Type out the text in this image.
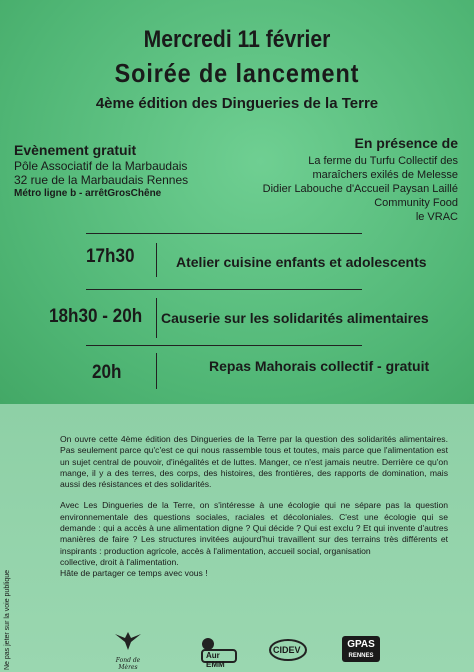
Mercredi 11 février
Soirée de lancement
4ème édition des Dingueries de la Terre
Evènement gratuit
Pôle Associatif de la Marbaudais
32 rue de la Marbaudais Rennes
Métro ligne b - arrêtGrosChêne
En présence de
La ferme du Turfu Collectif des
maraîchers exilés de Melesse
Didier Labouche d'Accueil Paysan Laillé
Community Food
le VRAC
17h30	Atelier cuisine enfants et adolescents
18h30 - 20h Causerie sur les solidarités alimentaires
20h	Repas Mahorais collectif - gratuit

On ouvre cette 4ème édition des Dingueries de la Terre par la question des solidarités alimentaires. Pas seulement parce qu'c'est ce qui nous rassemble tous et toutes, mais parce que l'alimentation est un sujet central de pouvoir, d'inégalités et de luttes. Manger, ce n'est jamais neutre. Derrière ce qu'on mange, il y a des terres, des corps, des histoires, des frontières, des rapports de domination, mais aussi des résistances et des solidarités.

Avec Les Dingueries de la Terre, on s'intéresse à une écologie qui ne sépare pas la question environnementale des questions sociales, raciales et décoloniales. C'est une écologie qui se demande : qui a accès à une alimentation digne ? Qui décide ? Qui est exclu ? Et qui invente d'autres manières de faire ? Les structures invitées aujourd'hui travaillent sur des terrains très différents et inspirants : production agricole, accès à l'alimentation, accueil social, organisation

collective, droit à l'alimentation.
Hâte de partager ce temps avec vous !
Ne pas jeter sur la voie publique	Fond de Mères
Aur EMM
CIDEV	GPAS
RENNES
